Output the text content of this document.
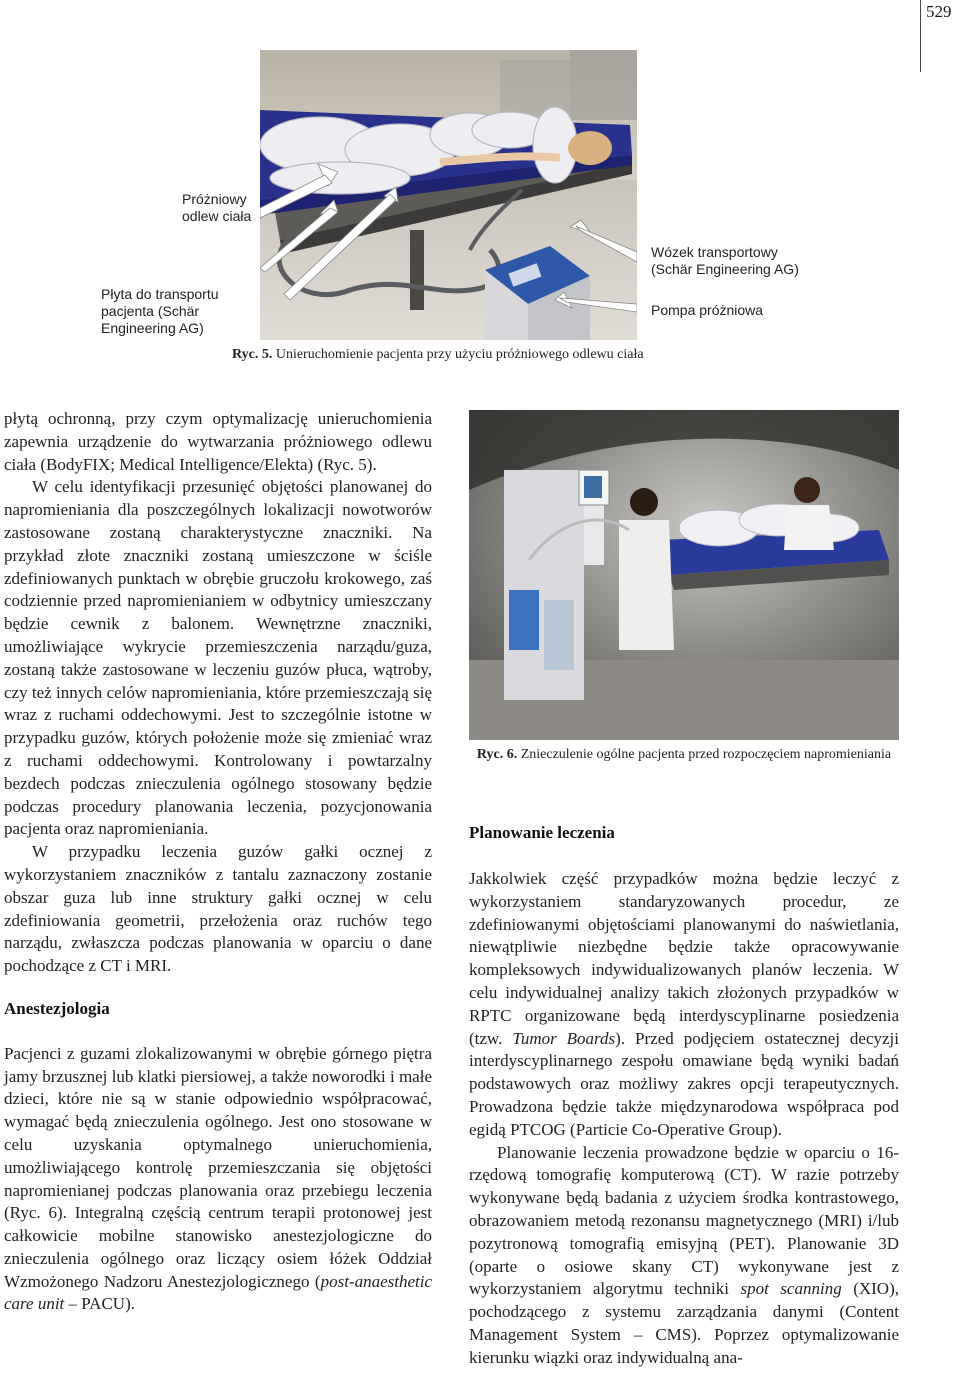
529
Próżniowy odlew ciała
Płyta do transportu pacjenta (Schär Engineering AG)
Wózek transportowy (Schär Engineering AG)
Pompa próżniowa
Ryc. 5. Unieruchomienie pacjenta przy użyciu próżniowego odlewu ciała

płytą ochronną, przy czym optymalizację unieruchomienia zapewnia urządzenie do wytwarzania próżniowego odlewu ciała (BodyFIX; Medical Intelligence/Elekta) (Ryc. 5).

W celu identyfikacji przesunięć objętości planowanej do napromieniania dla poszczególnych lokalizacji nowotworów zastosowane zostaną charakterystyczne znaczniki. Na przykład złote znaczniki zostaną umieszczone w ściśle zdefiniowanych punktach w obrębie gruczołu krokowego, zaś codziennie przed napromienianiem w odbytnicy umieszczany będzie cewnik z balonem. Wewnętrzne znaczniki, umożliwiające wykrycie przemieszczenia narządu/guza, zostaną także zastosowane w leczeniu guzów płuca, wątroby, czy też innych celów napromieniania, które przemieszczają się wraz z ruchami oddechowymi. Jest to szczególnie istotne w przypadku guzów, których położenie może się zmieniać wraz z ruchami oddechowymi. Kontrolowany i powtarzalny bezdech podczas znieczulenia ogólnego stosowany będzie podczas procedury planowania leczenia, pozycjonowania pacjenta oraz napromieniania.

W przypadku leczenia guzów gałki ocznej z wykorzystaniem znaczników z tantalu zaznaczony zostanie obszar guza lub inne struktury gałki ocznej w celu zdefiniowania geometrii, przełożenia oraz ruchów tego narządu, zwłaszcza podczas planowania w oparciu o dane pochodzące z CT i MRI.

Anestezjologia

Pacjenci z guzami zlokalizowanymi w obrębie górnego piętra jamy brzusznej lub klatki piersiowej, a także noworodki i małe dzieci, które nie są w stanie odpowiednio współpracować, wymagać będą znieczulenia ogólnego. Jest ono stosowane w celu uzyskania optymalnego unieruchomienia, umożliwiającego kontrolę przemieszczania się objętości napromienianej podczas planowania oraz przebiegu leczenia (Ryc. 6). Integralną częścią centrum terapii protonowej jest całkowicie mobilne stanowisko anestezjologiczne do znieczulenia ogólnego oraz liczący osiem łóżek Oddział Wzmożonego Nadzoru Anestezjologicznego (post-anaesthetic care unit – PACU).

Ryc. 6. Znieczulenie ogólne pacjenta przed rozpoczęciem napromieniania
Planowanie leczenia

Jakkolwiek część przypadków można będzie leczyć z wykorzystaniem standaryzowanych procedur, ze zdefiniowanymi objętościami planowanymi do naświetlania, niewątpliwie niezbędne będzie także opracowywanie kompleksowych indywidualizowanych planów leczenia. W celu indywidualnej analizy takich złożonych przypadków w RPTC organizowane będą interdyscyplinarne posiedzenia (tzw. Tumor Boards). Przed podjęciem ostatecznej decyzji interdyscyplinarnego zespołu omawiane będą wyniki badań podstawowych oraz możliwy zakres opcji terapeutycznych. Prowadzona będzie także międzynarodowa współpraca pod egidą PTCOG (Particie Co-Operative Group).

Planowanie leczenia prowadzone będzie w oparciu o 16-rzędową tomografię komputerową (CT). W razie potrzeby wykonywane będą badania z użyciem środka kontrastowego, obrazowaniem metodą rezonansu magnetycznego (MRI) i/lub pozytronową tomografią emisyjną (PET). Planowanie 3D (oparte o osiowe skany CT) wykonywane jest z wykorzystaniem algorytmu techniki spot scanning (XIO), pochodzącego z systemu zarządzania danymi (Content Management System – CMS). Poprzez optymalizowanie kierunku wiązki oraz indywidualną ana-
